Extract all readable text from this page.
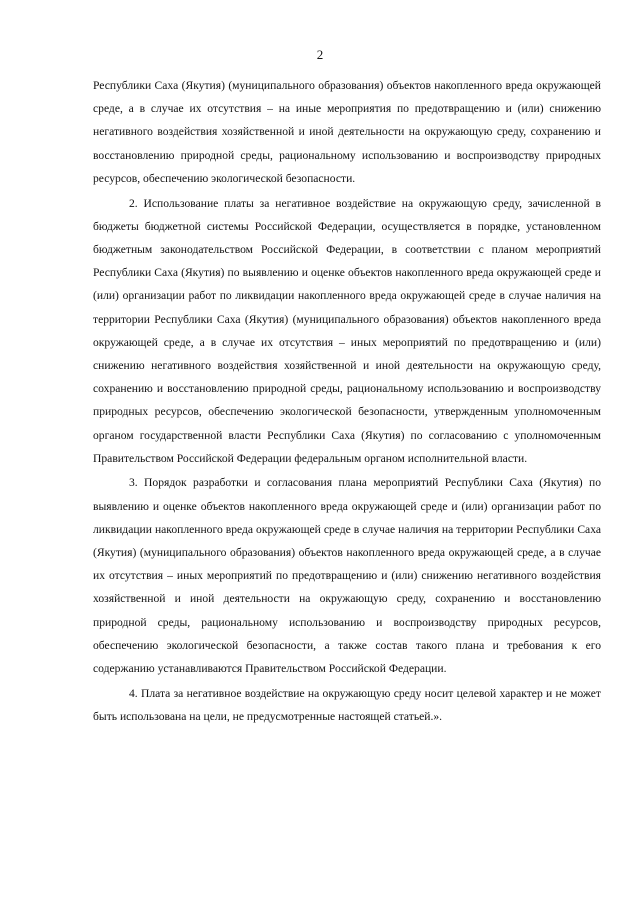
2

Республики Саха (Якутия) (муниципального образования) объектов накопленного вреда окружающей среде, а в случае их отсутствия – на иные мероприятия по предотвращению и (или) снижению негативного воздействия хозяйственной и иной деятельности на окружающую среду, сохранению и восстановлению природной среды, рациональному использованию и воспроизводству природных ресурсов, обеспечению экологической безопасности.

2. Использование платы за негативное воздействие на окружающую среду, зачисленной в бюджеты бюджетной системы Российской Федерации, осуществляется в порядке, установленном бюджетным законодательством Российской Федерации, в соответствии с планом мероприятий Республики Саха (Якутия) по выявлению и оценке объектов накопленного вреда окружающей среде и (или) организации работ по ликвидации накопленного вреда окружающей среде в случае наличия на территории Республики Саха (Якутия) (муниципального образования) объектов накопленного вреда окружающей среде, а в случае их отсутствия – иных мероприятий по предотвращению и (или) снижению негативного воздействия хозяйственной и иной деятельности на окружающую среду, сохранению и восстановлению природной среды, рациональному использованию и воспроизводству природных ресурсов, обеспечению экологической безопасности, утвержденным уполномоченным органом государственной власти Республики Саха (Якутия) по согласованию с уполномоченным Правительством Российской Федерации федеральным органом исполнительной власти.

3. Порядок разработки и согласования плана мероприятий Республики Саха (Якутия) по выявлению и оценке объектов накопленного вреда окружающей среде и (или) организации работ по ликвидации накопленного вреда окружающей среде в случае наличия на территории Республики Саха (Якутия) (муниципального образования) объектов накопленного вреда окружающей среде, а в случае их отсутствия – иных мероприятий по предотвращению и (или) снижению негативного воздействия хозяйственной и иной деятельности на окружающую среду, сохранению и восстановлению природной среды, рациональному использованию и воспроизводству природных ресурсов, обеспечению экологической безопасности, а также состав такого плана и требования к его содержанию устанавливаются Правительством Российской Федерации.

4. Плата за негативное воздействие на окружающую среду носит целевой характер и не может быть использована на цели, не предусмотренные настоящей статьей.».
